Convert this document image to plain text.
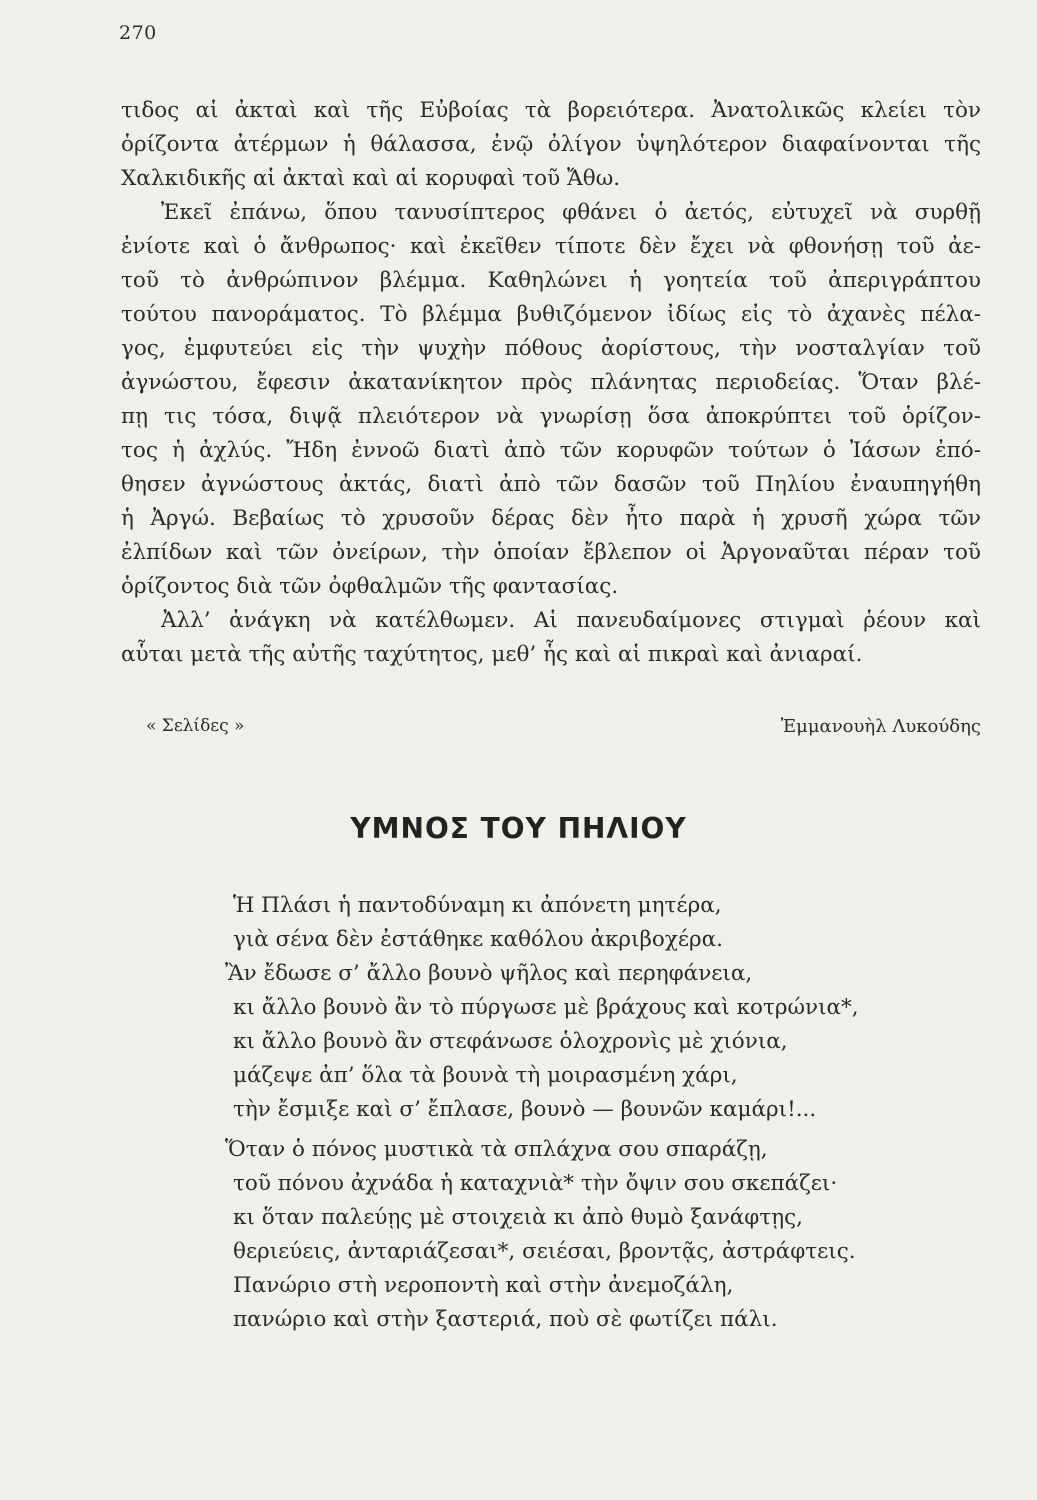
270
τιδος αἱ ἀκταὶ καὶ τῆς Εὐβοίας τὰ βορειότερα. Ἀνατολικῶς κλείει τὸν
ὁρίζοντα ἀτέρμων ἡ θάλασσα, ἐνῷ ὀλίγον ὑψηλότερον διαφαίνονται τῆς
Χαλκιδικῆς αἱ ἀκταὶ καὶ αἱ κορυφαὶ τοῦ Ἄθω.
Ἐκεῖ ἐπάνω, ὅπου τανυσίπτερος φθάνει ὁ ἀετός, εὐτυχεῖ νὰ συρθῇ
ἐνίοτε καὶ ὁ ἄνθρωπος· καὶ ἐκεῖθεν τίποτε δὲν ἔχει νὰ φθονήσῃ τοῦ ἀε-
τοῦ τὸ ἀνθρώπινον βλέμμα. Καθηλώνει ἡ γοητεία τοῦ ἀπεριγράπτου
τούτου πανοράματος. Τὸ βλέμμα βυθιζόμενον ἰδίως εἰς τὸ ἀχανὲς πέλα-
γος, ἐμφυτεύει εἰς τὴν ψυχὴν πόθους ἀορίστους, τὴν νοσταλγίαν τοῦ
ἀγνώστου, ἔφεσιν ἀκατανίκητον πρὸς πλάνητας περιοδείας. Ὅταν βλέ-
πῃ τις τόσα, διψᾷ πλειότερον νὰ γνωρίσῃ ὅσα ἀποκρύπτει τοῦ ὁρίζον-
τος ἡ ἀχλύς. Ἤδη ἐννοῶ διατὶ ἀπὸ τῶν κορυφῶν τούτων ὁ Ἰάσων ἐπό-
θησεν ἀγνώστους ἀκτάς, διατὶ ἀπὸ τῶν δασῶν τοῦ Πηλίου ἐναυπηγήθη
ἡ Ἀργώ. Βεβαίως τὸ χρυσοῦν δέρας δὲν ἦτο παρὰ ἡ χρυσῆ χώρα τῶν
ἐλπίδων καὶ τῶν ὀνείρων, τὴν ὁποίαν ἔβλεπον οἱ Ἀργοναῦται πέραν τοῦ
ὁρίζοντος διὰ τῶν ὀφθαλμῶν τῆς φαντασίας.
Ἀλλ’ ἀνάγκη νὰ κατέλθωμεν. Αἱ πανευδαίμονες στιγμαὶ ῥέουν καὶ
αὗται μετὰ τῆς αὐτῆς ταχύτητος, μεθ’ ἧς καὶ αἱ πικραὶ καὶ ἀνιαραί.
« Σελίδες »	Ἐμμανουὴλ Λυκούδης
ΥΜΝΟΣ ΤΟΥ ΠΗΛΙΟΥ
Ἡ Πλάσι ἡ παντοδύναμη κι ἀπόνετη μητέρα,
γιὰ σένα δὲν ἐστάθηκε καθόλου ἀκριβοχέρα.
Ἂν ἔδωσε σ’ ἄλλο βουνὸ ψῆλος καὶ περηφάνεια,
κι ἄλλο βουνὸ ἂν τὸ πύργωσε μὲ βράχους καὶ κοτρώνια*,
κι ἄλλο βουνὸ ἂν στεφάνωσε ὁλοχρονὶς μὲ χιόνια,
μάζεψε ἀπ’ ὅλα τὰ βουνὰ τὴ μοιρασμένη χάρι,
τὴν ἔσμιξε καὶ σ’ ἔπλασε, βουνὸ — βουνῶν καμάρι!...
Ὅταν ὁ πόνος μυστικὰ τὰ σπλάχνα σου σπαράζῃ,
τοῦ πόνου ἀχνάδα ἡ καταχνιὰ* τὴν ὄψιν σου σκεπάζει·
κι ὅταν παλεύῃς μὲ στοιχειὰ κι ἀπὸ θυμὸ ξανάφτῃς,
θεριεύεις, ἀνταριάζεσαι*, σειέσαι, βροντᾷς, ἀστράφτεις.
Πανώριο στὴ νεροποντὴ καὶ στὴν ἀνεμοζάλη,
πανώριο καὶ στὴν ξαστεριά, ποὺ σὲ φωτίζει πάλι.
